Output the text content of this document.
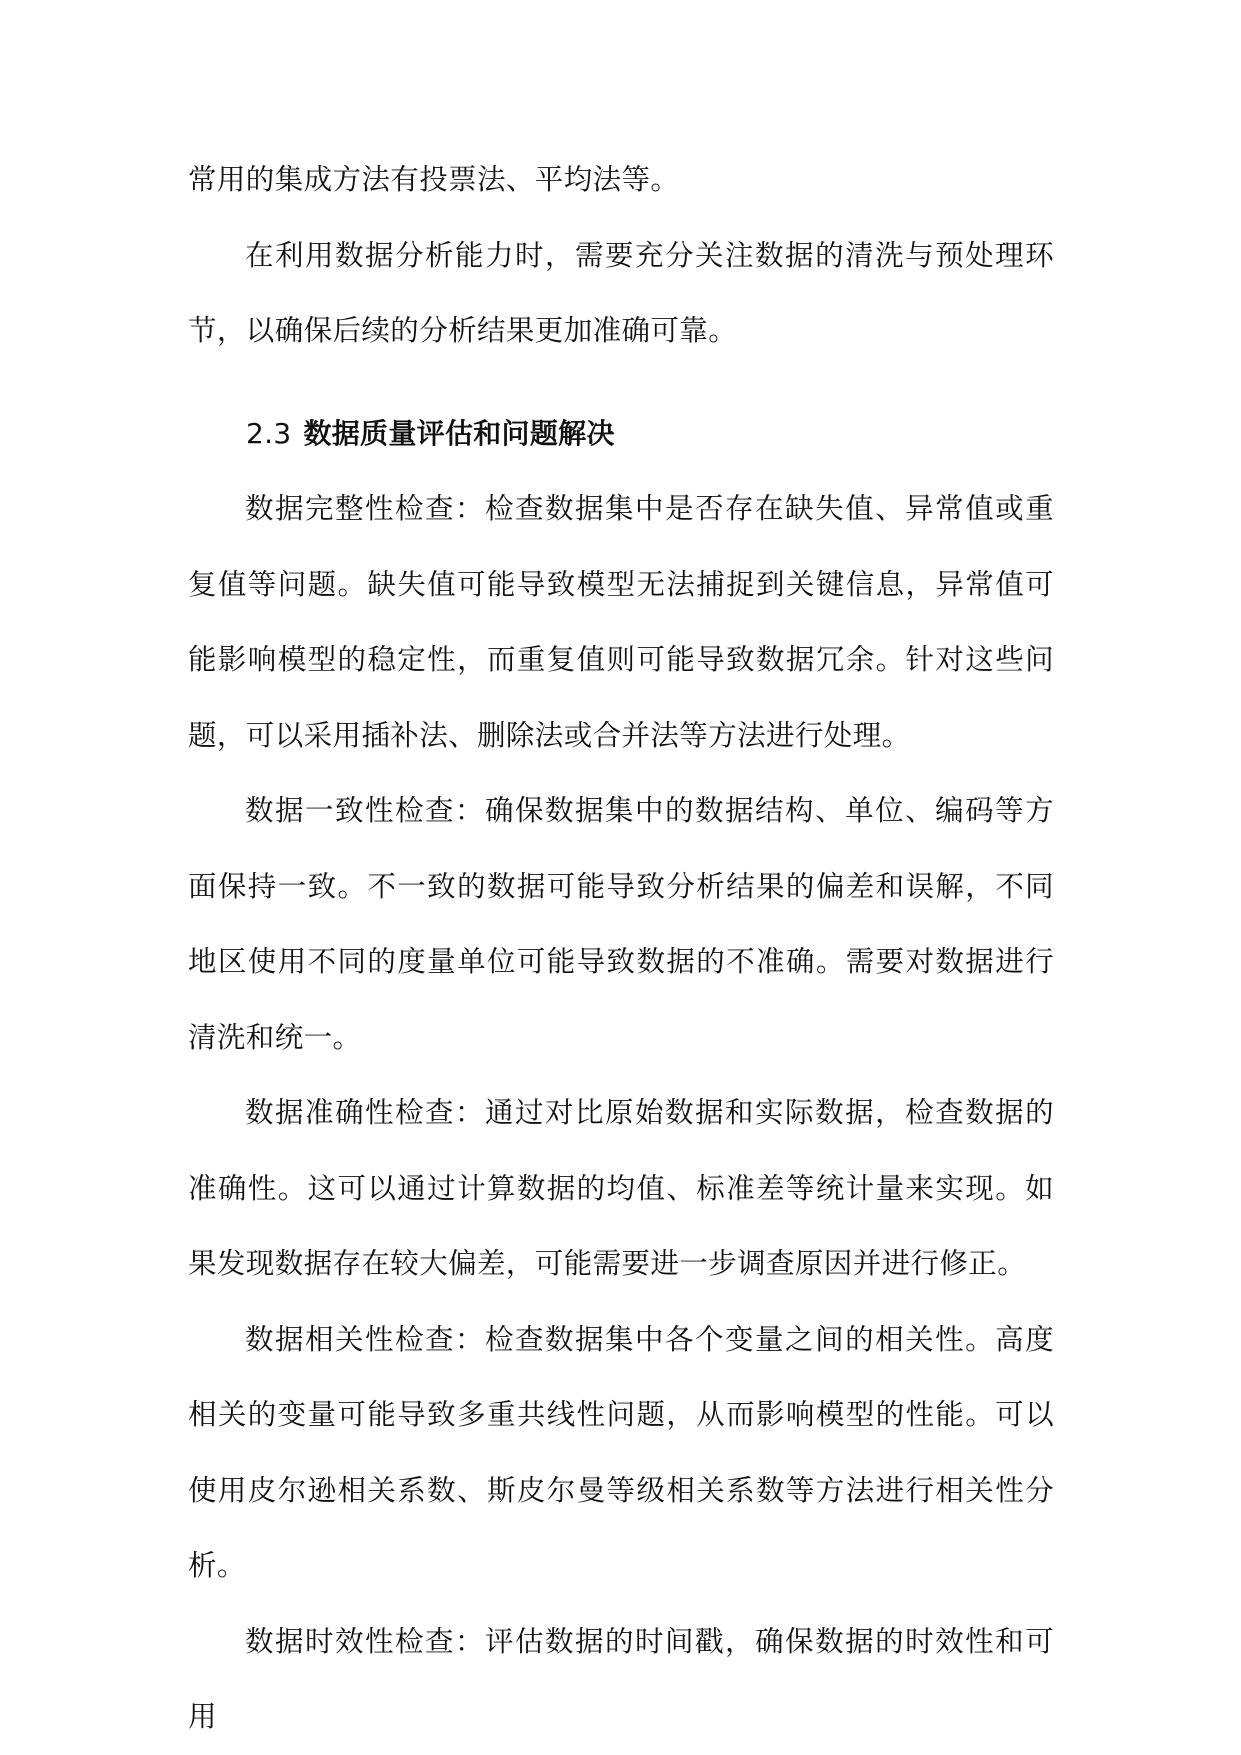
常用的集成方法有投票法、平均法等。

在利用数据分析能力时，需要充分关注数据的清洗与预处理环节，以确保后续的分析结果更加准确可靠。

2.3 数据质量评估和问题解决

数据完整性检查：检查数据集中是否存在缺失值、异常值或重复值等问题。缺失值可能导致模型无法捕捉到关键信息，异常值可能影响模型的稳定性，而重复值则可能导致数据冗余。针对这些问题，可以采用插补法、删除法或合并法等方法进行处理。

数据一致性检查：确保数据集中的数据结构、单位、编码等方面保持一致。不一致的数据可能导致分析结果的偏差和误解，不同地区使用不同的度量单位可能导致数据的不准确。需要对数据进行清洗和统一。

数据准确性检查：通过对比原始数据和实际数据，检查数据的准确性。这可以通过计算数据的均值、标准差等统计量来实现。如果发现数据存在较大偏差，可能需要进一步调查原因并进行修正。

数据相关性检查：检查数据集中各个变量之间的相关性。高度相关的变量可能导致多重共线性问题，从而影响模型的性能。可以使用皮尔逊相关系数、斯皮尔曼等级相关系数等方法进行相关性分析。

数据时效性检查：评估数据的时间戳，确保数据的时效性和可用
